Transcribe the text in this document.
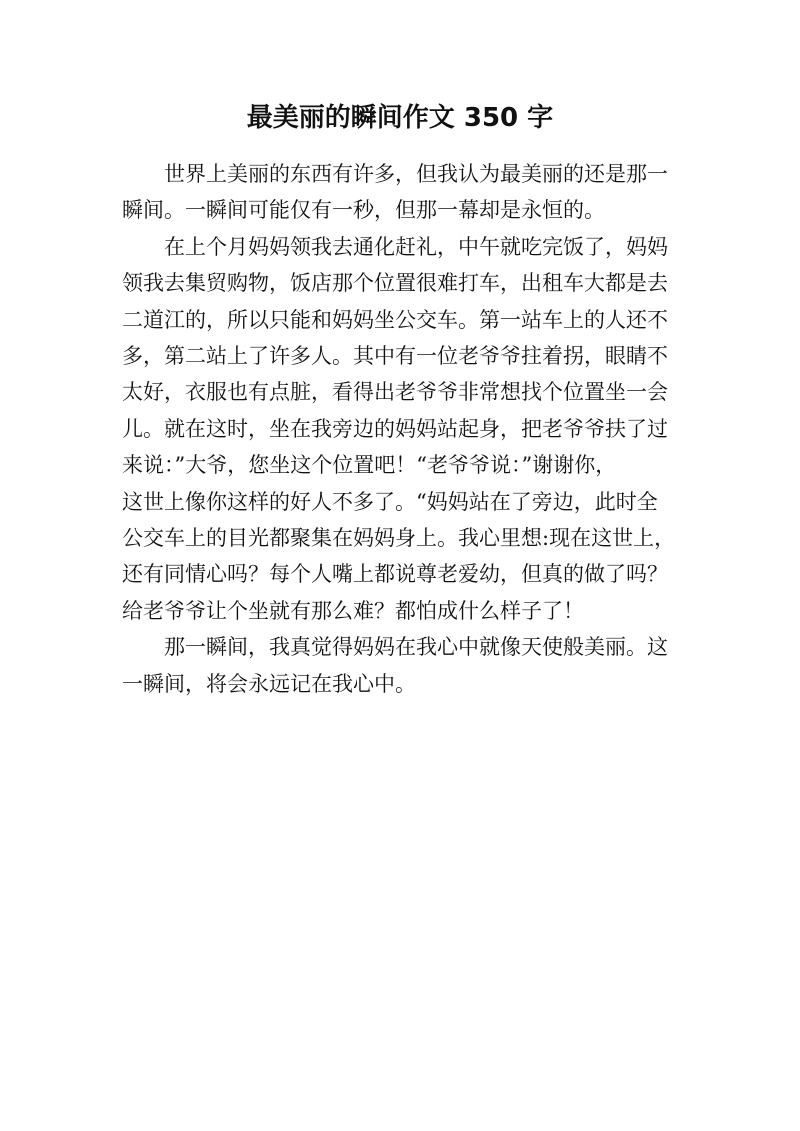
最美丽的瞬间作文 350 字

世界上美丽的东西有许多，但我认为最美丽的还是那一
瞬间。一瞬间可能仅有一秒，但那一幕却是永恒的。

在上个月妈妈领我去通化赶礼，中午就吃完饭了，妈妈
领我去集贸购物，饭店那个位置很难打车，出租车大都是去
二道江的，所以只能和妈妈坐公交车。第一站车上的人还不
多，第二站上了许多人。其中有一位老爷爷拄着拐，眼睛不
太好，衣服也有点脏，看得出老爷爷非常想找个位置坐一会
儿。就在这时，坐在我旁边的妈妈站起身，把老爷爷扶了过
来说：”大爷，您坐这个位置吧！“老爷爷说：”谢谢你，
这世上像你这样的好人不多了。“妈妈站在了旁边，此时全
公交车上的目光都聚集在妈妈身上。我心里想:现在这世上，
还有同情心吗？每个人嘴上都说尊老爱幼，但真的做了吗？
给老爷爷让个坐就有那么难？都怕成什么样子了！

那一瞬间，我真觉得妈妈在我心中就像天使般美丽。这
一瞬间，将会永远记在我心中。
